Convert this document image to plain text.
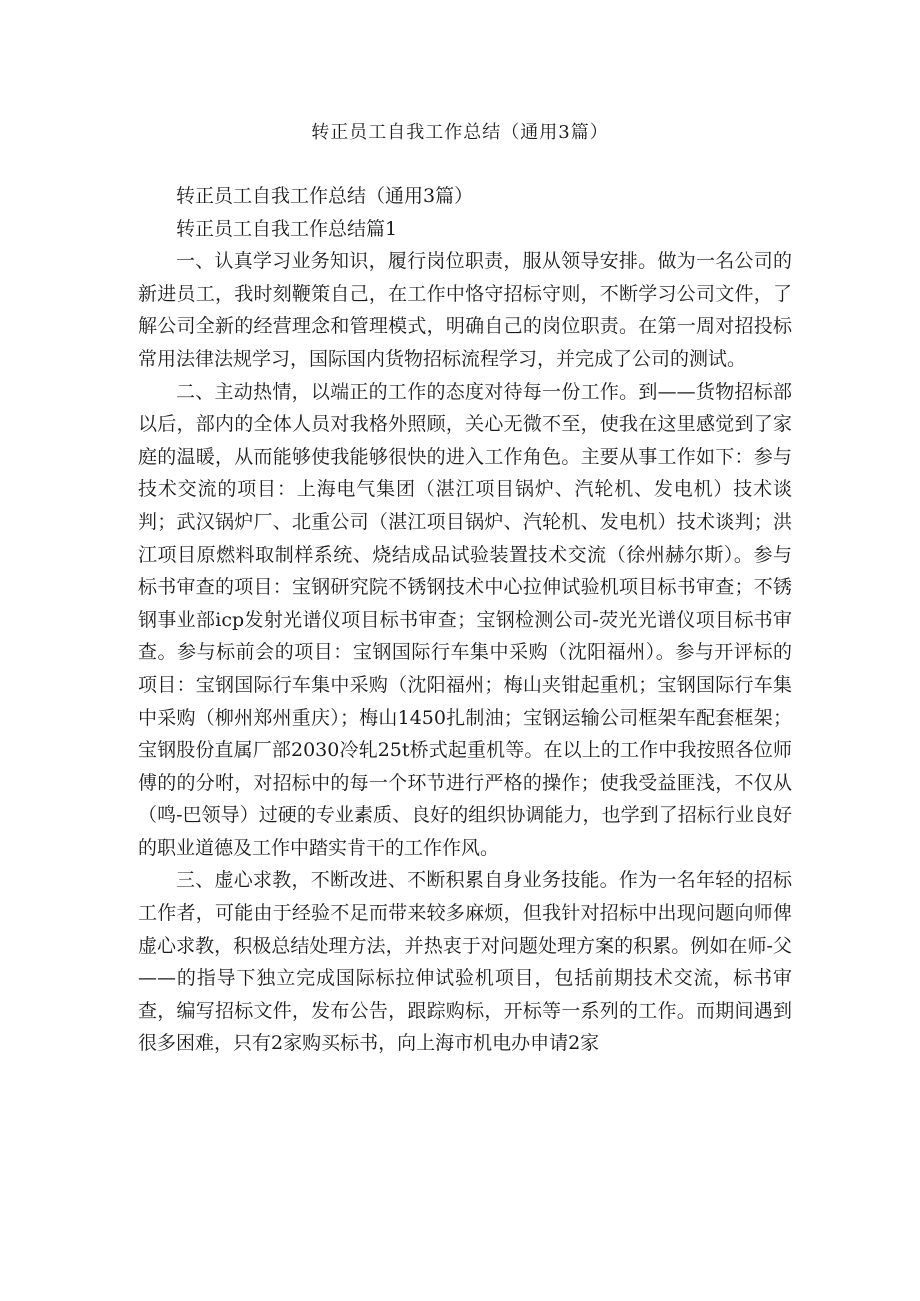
转正员工自我工作总结（通用3篇）

转正员工自我工作总结（通用3篇）

转正员工自我工作总结篇1

一、认真学习业务知识，履行岗位职责，服从领导安排。做为一名公司的新进员工，我时刻鞭策自己，在工作中恪守招标守则，不断学习公司文件，了解公司全新的经营理念和管理模式，明确自己的岗位职责。在第一周对招投标常用法律法规学习，国际国内货物招标流程学习，并完成了公司的测试。

二、主动热情，以端正的工作的态度对待每一份工作。到——货物招标部以后，部内的全体人员对我格外照顾，关心无微不至，使我在这里感觉到了家庭的温暖，从而能够使我能够很快的进入工作角色。主要从事工作如下：参与技术交流的项目：上海电气集团（湛江项目锅炉、汽轮机、发电机）技术谈判；武汉锅炉厂、北重公司（湛江项目锅炉、汽轮机、发电机）技术谈判；洪江项目原燃料取制样系统、烧结成品试验装置技术交流（徐州赫尔斯）。参与标书审查的项目：宝钢研究院不锈钢技术中心拉伸试验机项目标书审查；不锈钢事业部icp发射光谱仪项目标书审查；宝钢检测公司-荧光光谱仪项目标书审查。参与标前会的项目：宝钢国际行车集中采购（沈阳福州）。参与开评标的项目：宝钢国际行车集中采购（沈阳福州；梅山夹钳起重机；宝钢国际行车集中采购（柳州郑州重庆）；梅山1450扎制油；宝钢运输公司框架车配套框架；宝钢股份直属厂部2030冷轧25t桥式起重机等。在以上的工作中我按照各位师傅的的分咐，对招标中的每一个环节进行严格的操作；使我受益匪浅，不仅从（鸣-巴领导）过硬的专业素质、良好的组织协调能力，也学到了招标行业良好的职业道德及工作中踏实肯干的工作作风。

三、虚心求教，不断改进、不断积累自身业务技能。作为一名年轻的招标工作者，可能由于经验不足而带来较多麻烦，但我针对招标中出现问题向师俾虚心求教，积极总结处理方法，并热衷于对问题处理方案的积累。例如在师-父——的指导下独立完成国际标拉伸试验机项目，包括前期技术交流，标书审查，编写招标文件，发布公告，跟踪购标，开标等一系列的工作。而期间遇到很多困难，只有2家购买标书，向上海市机电办申请2家
